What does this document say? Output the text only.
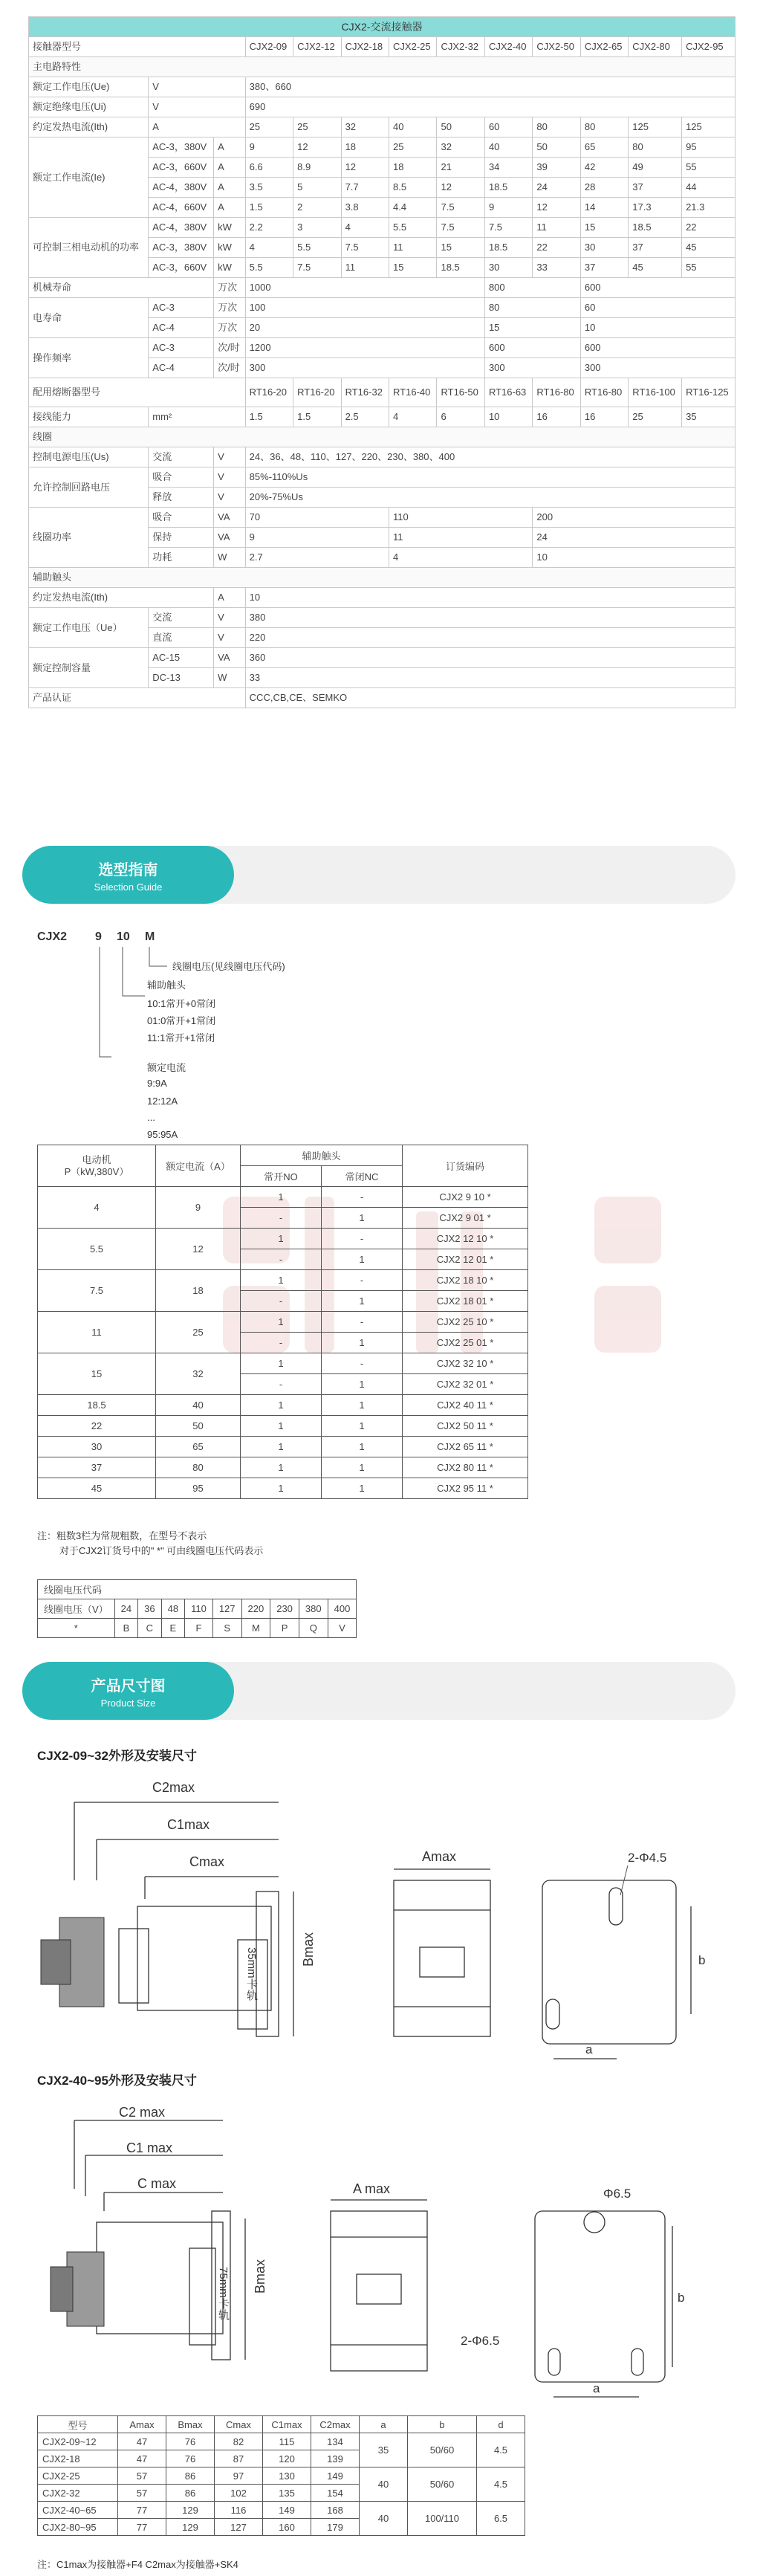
CJX2-交流接触器												
接触器型号			CJX2-09	CJX2-12	CJX2-18	CJX2-25	CJX2-32	CJX2-40	CJX2-50	CJX2-65	CJX2-80	CJX2-95
主电路特性												
额定工作电压(Ue)	V		380、660									
额定绝缘电压(Ui)	V		690									
约定发热电流(Ith)	A		25	25	32	40	50	60	80	80	125	125
额定工作电流(Ie)	AC-3，380V	A	9	12	18	25	32	40	50	65	80	95
	AC-3，660V	A	6.6	8.9	12	18	21	34	39	42	49	55
	AC-4，380V	A	3.5	5	7.7	8.5	12	18.5	24	28	37	44
	AC-4，660V	A	1.5	2	3.8	4.4	7.5	9	12	14	17.3	21.3
可控制三相电动机的功率	AC-4，380V	kW	2.2	3	4	5.5	7.5	7.5	11	15	18.5	22
	AC-3，380V	kW	4	5.5	7.5	11	15	18.5	22	30	37	45
	AC-3，660V	kW	5.5	7.5	11	15	18.5	30	33	37	45	55
机械寿命		万次	1000					800		600		
电寿命	AC-3	万次	100					80		60		
	AC-4	万次	20					15		10		
操作频率	AC-3	次/时	1200					600		600		
	AC-4	次/时	300					300		300		
配用熔断器型号			RT16-20	RT16-20	RT16-32	RT16-40	RT16-50	RT16-63	RT16-80	RT16-80	RT16-100	RT16-125
接线能力	mm²		1.5	1.5	2.5	4	6	10	16	16	25	35
线圈												
控制电源电压(Us)	交流	V	24、36、48、110、127、220、230、380、400									
允许控制回路电压	吸合	V	85%-110%Us									
	释放	V	20%-75%Us									
线圈功率	吸合	VA	70			110			200			
	保持	VA	9			11			24			
	功耗	W	2.7			4			10			
辅助触头												
约定发热电流(Ith)		A	10									
额定工作电压（Ue）	交流	V	380									
	直流	V	220									
额定控制容量	AC-15	VA	360									
	DC-13	W	33									
产品认证			CCC,CB,CE、SEMKO									
选型指南
Selection Guide
CJX2 9 10 M
线圈电压(见线圈电压代码)
辅助触头
10:1常开+0常闭
01:0常开+1常闭
11:1常开+1常闭
额定电流
9:9A
12:12A
...
95:95A
电动机
P（kW,380V）	额定电流（A）	辅助触头		订货编码
		常开NO	常闭NC	
4	9	1	-	CJX2 9 10 *
		-	1	CJX2 9 01 *
5.5	12	1	-	CJX2 12 10 *
		-	1	CJX2 12 01 *
7.5	18	1	-	CJX2 18 10 *
		-	1	CJX2 18 01 *
11	25	1	-	CJX2 25 10 *
		-	1	CJX2 25 01 *
15	32	1	-	CJX2 32 10 *
		-	1	CJX2 32 01 *
18.5	40	1	1	CJX2 40 11 *
22	50	1	1	CJX2 50 11 *
30	65	1	1	CJX2 65 11 *
37	80	1	1	CJX2 80 11 *
45	95	1	1	CJX2 95 11 *
注：粗数3栏为常规粗数，在型号不表示
对于CJX2订货号中的" *" 可由线圈电压代码表示
线圈电压代码									
线圈电压（V）	24	36	48	110	127	220	230	380	400
*	B	C	E	F	S	M	P	Q	V
产品尺寸图
Product Size
CJX2-09~32外形及安装尺寸
C2max
C1max
Cmax
35mm卡轨	Bmax
Amax	2-Φ4.5
b
a
CJX2-40~95外形及安装尺寸
C2 max
C1 max
C max
75mm卡轨 Bmax
A max	Φ6.5
2-Φ6.5
b
a
型号	Amax	Bmax	Cmax	C1max	C2max	a	b	d
CJX2-09~12	47	76	82	115	134	35	50/60	4.5
CJX2-18	47	76	87	120	139			
CJX2-25	57	86	97	130	149	40	50/60	4.5
CJX2-32	57	86	102	135	154			
CJX2-40~65	77	129	116	149	168	40	100/110	6.5
CJX2-80~95	77	129	127	160	179			
注：C1max为接触器+F4 C2max为接触器+SK4
